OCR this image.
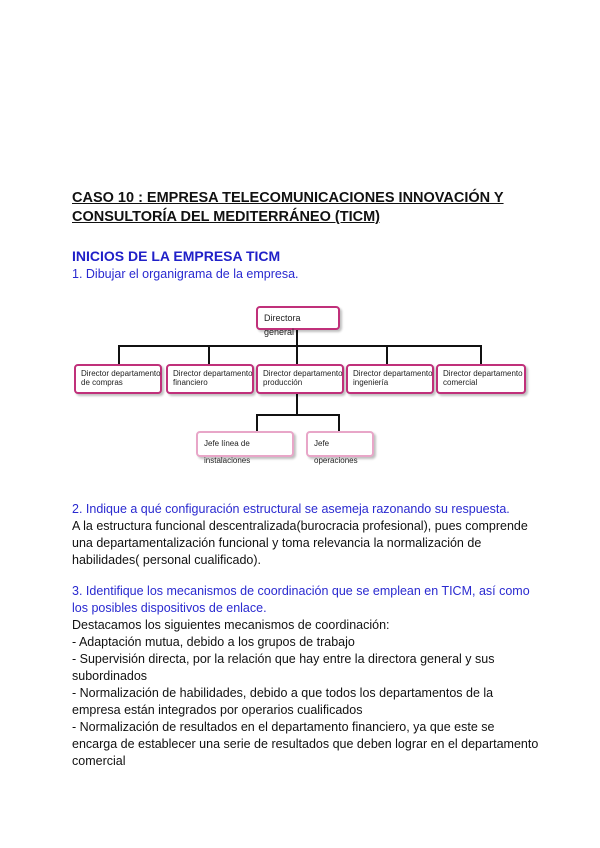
CASO 10 : EMPRESA TELECOMUNICACIONES INNOVACIÓN Y
CONSULTORÍA DEL MEDITERRÁNEO (TICM)
INICIOS DE LA EMPRESA TICM
1. Dibujar el organigrama de la empresa.
Directora general
Director departamento
de compras
Director departamento
financiero
Director departamento
producción
Director departamento
ingeniería
Director departamento
comercial
Jefe línea de instalaciones
Jefe operaciones
2. Indique a qué configuración estructural se asemeja razonando su respuesta.
A la estructura funcional descentralizada(burocracia profesional), pues comprende
una departamentalización funcional y toma relevancia la normalización de
habilidades( personal cualificado).
3. Identifique los mecanismos de coordinación que se emplean en TICM, así como
los posibles dispositivos de enlace.
Destacamos los siguientes mecanismos de coordinación:
- Adaptación mutua, debido a los grupos de trabajo
- Supervisión directa, por la relación que hay entre la directora general y sus
subordinados
- Normalización de habilidades, debido a que todos los departamentos de la
empresa están integrados por operarios cualificados
- Normalización de resultados en el departamento financiero, ya que este se
encarga de establecer una serie de resultados que deben lograr en el departamento
comercial
